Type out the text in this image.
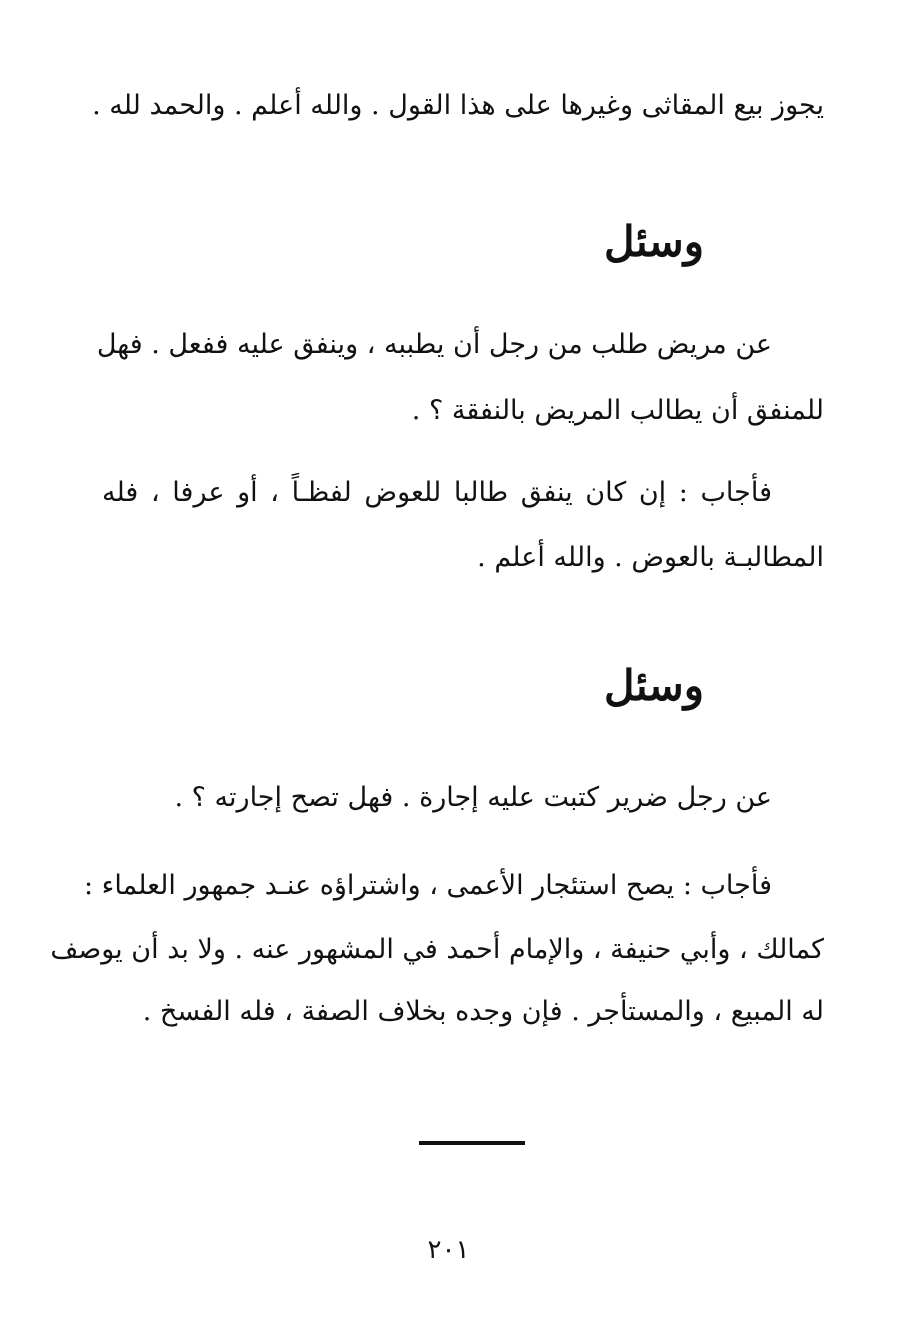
يجوز بيع المقاثى وغيرها على هذا القول . والله أعلم . والحمد لله .
وسئل
عن مريض طلب من رجل أن يطببه ، وينفق عليه ففعل . فهل
للمنفق أن يطالب المريض بالنفقة ؟ .
فأجاب : إن كان ينفق طالبا للعوض لفظـاً ، أو عرفا ، فله
المطالبـة بالعوض . والله أعلم .
وسئل
عن رجل ضرير كتبت عليه إجارة . فهل تصح إجارته ؟ .
فأجاب : يصح استئجار الأعمى ، واشتراؤه عنـد جمهور العلماء :
كمالك ، وأبي حنيفة ، والإمام أحمد في المشهور عنه . ولا بد أن يوصف
له المبيع ، والمستأجر . فإن وجده بخلاف الصفة ، فله الفسخ .
٢٠١
